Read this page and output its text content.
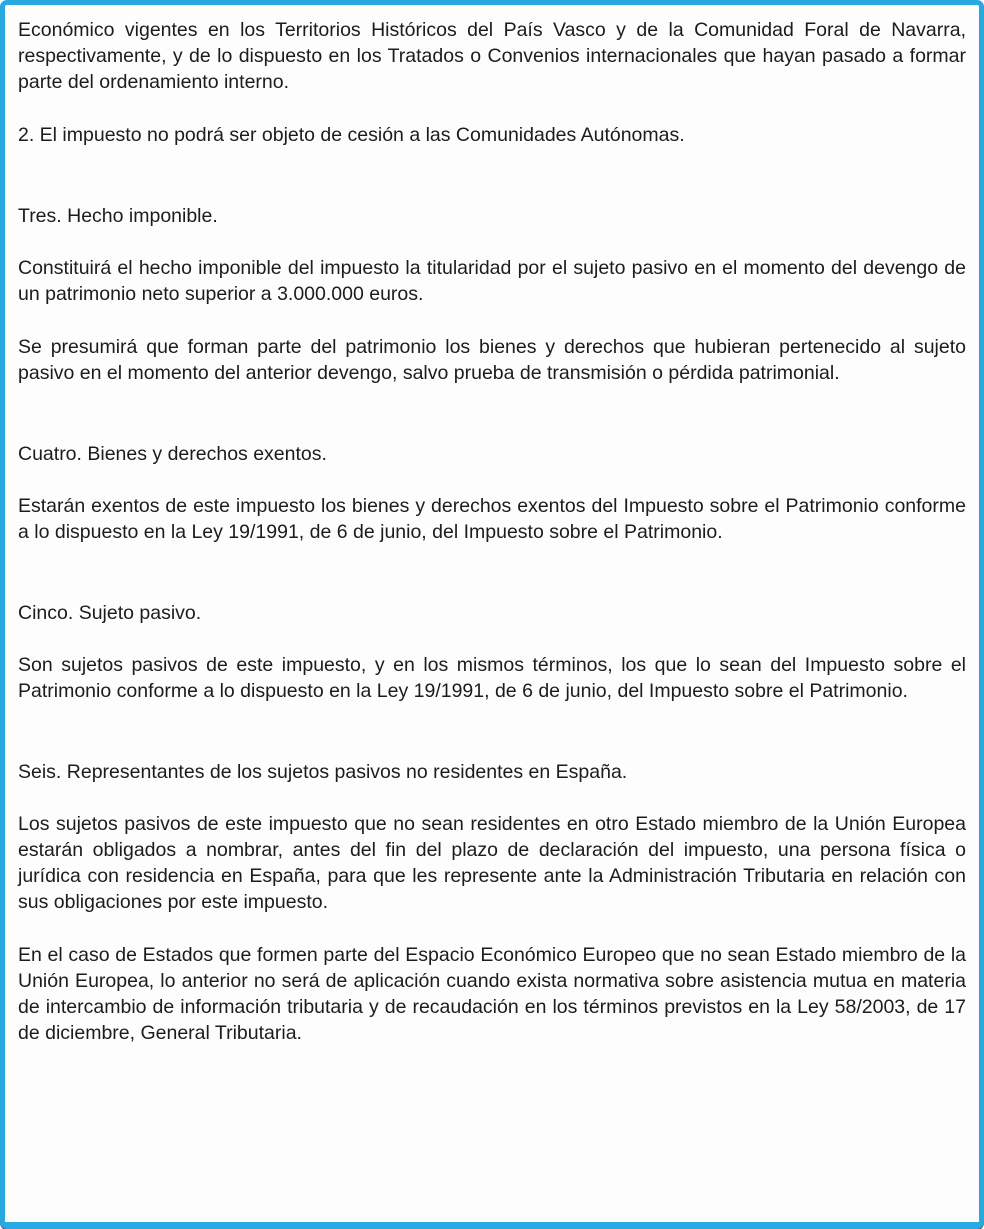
Económico vigentes en los Territorios Históricos del País Vasco y de la Comunidad Foral de Navarra, respectivamente, y de lo dispuesto en los Tratados o Convenios internacionales que hayan pasado a formar parte del ordenamiento interno.

2. El impuesto no podrá ser objeto de cesión a las Comunidades Autónomas.

Tres. Hecho imponible.

Constituirá el hecho imponible del impuesto la titularidad por el sujeto pasivo en el momento del devengo de un patrimonio neto superior a 3.000.000 euros.

Se presumirá que forman parte del patrimonio los bienes y derechos que hubieran pertenecido al sujeto pasivo en el momento del anterior devengo, salvo prueba de transmisión o pérdida patrimonial.

Cuatro. Bienes y derechos exentos.

Estarán exentos de este impuesto los bienes y derechos exentos del Impuesto sobre el Patrimonio conforme a lo dispuesto en la Ley 19/1991, de 6 de junio, del Impuesto sobre el Patrimonio.

Cinco. Sujeto pasivo.

Son sujetos pasivos de este impuesto, y en los mismos términos, los que lo sean del Impuesto sobre el Patrimonio conforme a lo dispuesto en la Ley 19/1991, de 6 de junio, del Impuesto sobre el Patrimonio.

Seis. Representantes de los sujetos pasivos no residentes en España.

Los sujetos pasivos de este impuesto que no sean residentes en otro Estado miembro de la Unión Europea estarán obligados a nombrar, antes del fin del plazo de declaración del impuesto, una persona física o jurídica con residencia en España, para que les represente ante la Administración Tributaria en relación con sus obligaciones por este impuesto.

En el caso de Estados que formen parte del Espacio Económico Europeo que no sean Estado miembro de la Unión Europea, lo anterior no será de aplicación cuando exista normativa sobre asistencia mutua en materia de intercambio de información tributaria y de recaudación en los términos previstos en la Ley 58/2003, de 17 de diciembre, General Tributaria.
